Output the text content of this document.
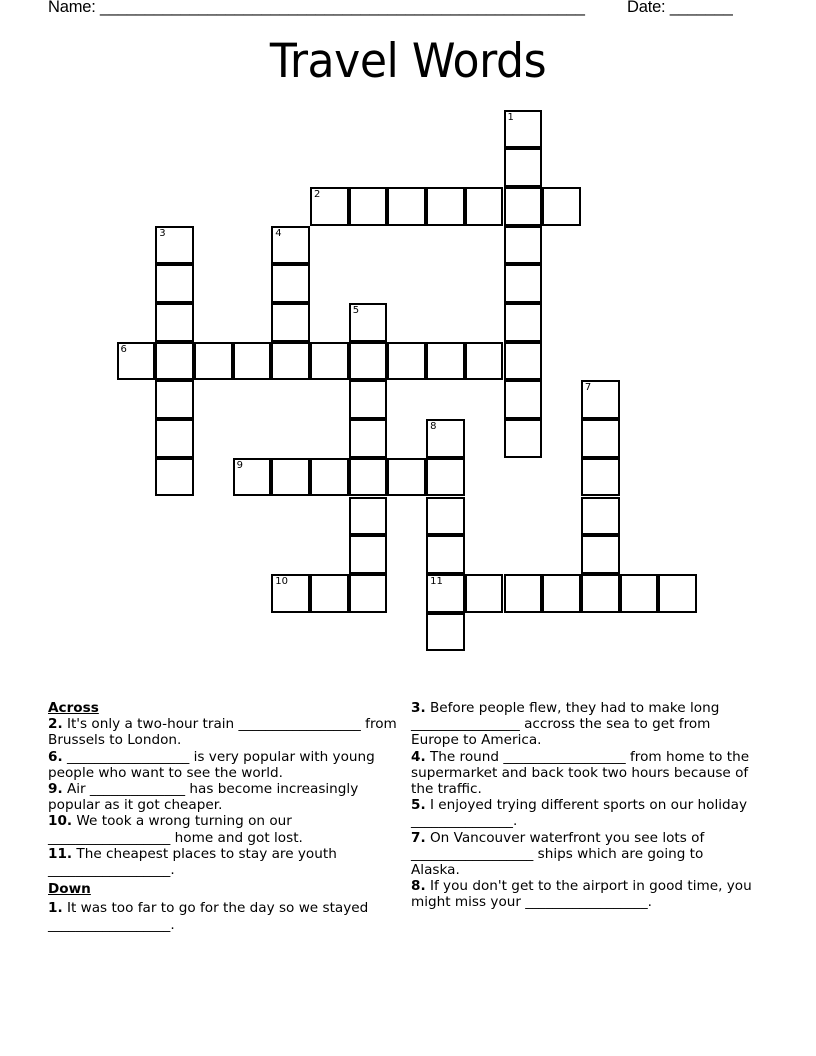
Name: ______________________________________________________	Date: _______
Travel Words
1
2
3	4
5
6
7
8
11
9
10

Across

2. It's only a two-hour train __________________ from Brussels to London.

6. __________________ is very popular with young people who want to see the world.

9. Air ______________ has become increasingly popular as it got cheaper.

10. We took a wrong turning on our __________________ home and got lost.

11. The cheapest places to stay are youth __________________.

Down

1. It was too far to go for the day so we stayed __________________.

3. Before people flew, they had to make long ________________ accross the sea to get from Europe to America.

4. The round __________________ from home to the supermarket and back took two hours because of the traffic.

5. I enjoyed trying different sports on our holiday _______________.

7. On Vancouver waterfront you see lots of __________________ ships which are going to Alaska.

8. If you don't get to the airport in good time, you might miss your __________________.
